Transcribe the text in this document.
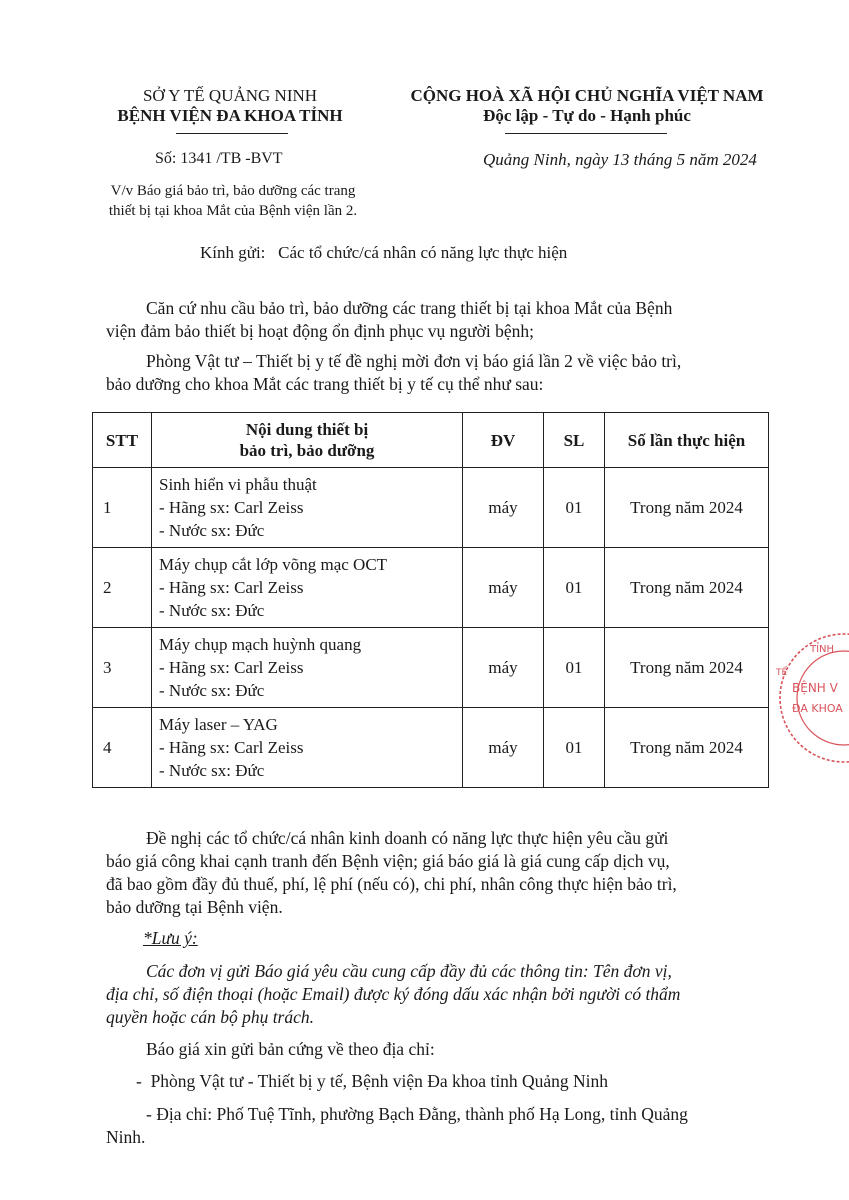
SỞ Y TẾ QUẢNG NINH
BỆNH VIỆN ĐA KHOA TỈNH
CỘNG HOÀ XÃ HỘI CHỦ NGHĨA VIỆT NAM
Độc lập - Tự do - Hạnh phúc
Số: 1341 /TB -BVT	Quảng Ninh, ngày 13 tháng 5 năm 2024
V/v Báo giá bảo trì, bảo dưỡng các trang
thiết bị tại khoa Mắt của Bệnh viện lần 2.
Kính gửi:   Các tổ chức/cá nhân có năng lực thực hiện
Căn cứ nhu cầu bảo trì, bảo dưỡng các trang thiết bị tại khoa Mắt của Bệnh
viện đảm bảo thiết bị hoạt động ổn định phục vụ người bệnh;
Phòng Vật tư – Thiết bị y tế đề nghị mời đơn vị báo giá lần 2 về việc bảo trì,
bảo dưỡng cho khoa Mắt các trang thiết bị y tế cụ thể như sau:
STT	Nội dung thiết bị
bảo trì, bảo dưỡng	ĐV	SL	Số lần thực hiện
1	Sinh hiển vi phẫu thuật
- Hãng sx: Carl Zeiss
- Nước sx: Đức	máy	01	Trong năm 2024
2	Máy chụp cắt lớp võng mạc OCT
- Hãng sx: Carl Zeiss
- Nước sx: Đức	máy	01	Trong năm 2024
3	Máy chụp mạch huỳnh quang
- Hãng sx: Carl Zeiss
- Nước sx: Đức	máy	01	Trong năm 2024
4	Máy laser – YAG
- Hãng sx: Carl Zeiss
- Nước sx: Đức	máy	01	Trong năm 2024
Đề nghị các tổ chức/cá nhân kinh doanh có năng lực thực hiện yêu cầu gửi
báo giá công khai cạnh tranh đến Bệnh viện; giá báo giá là giá cung cấp dịch vụ,
đã bao gồm đầy đủ thuế, phí, lệ phí (nếu có), chi phí, nhân công thực hiện bảo trì,
bảo dưỡng tại Bệnh viện.
*Lưu ý:
Các đơn vị gửi Báo giá yêu cầu cung cấp đầy đủ các thông tin: Tên đơn vị,
địa chỉ, số điện thoại (hoặc Email) được ký đóng dấu xác nhận bởi người có thẩm
quyền hoặc cán bộ phụ trách.
Báo giá xin gửi bản cứng về theo địa chỉ:
-  Phòng Vật tư - Thiết bị y tế, Bệnh viện Đa khoa tỉnh Quảng Ninh
- Địa chỉ: Phố Tuệ Tĩnh, phường Bạch Đằng, thành phố Hạ Long, tỉnh Quảng
Ninh.
TỈNH
BỆNH V
ĐA KHOA
TẾ
